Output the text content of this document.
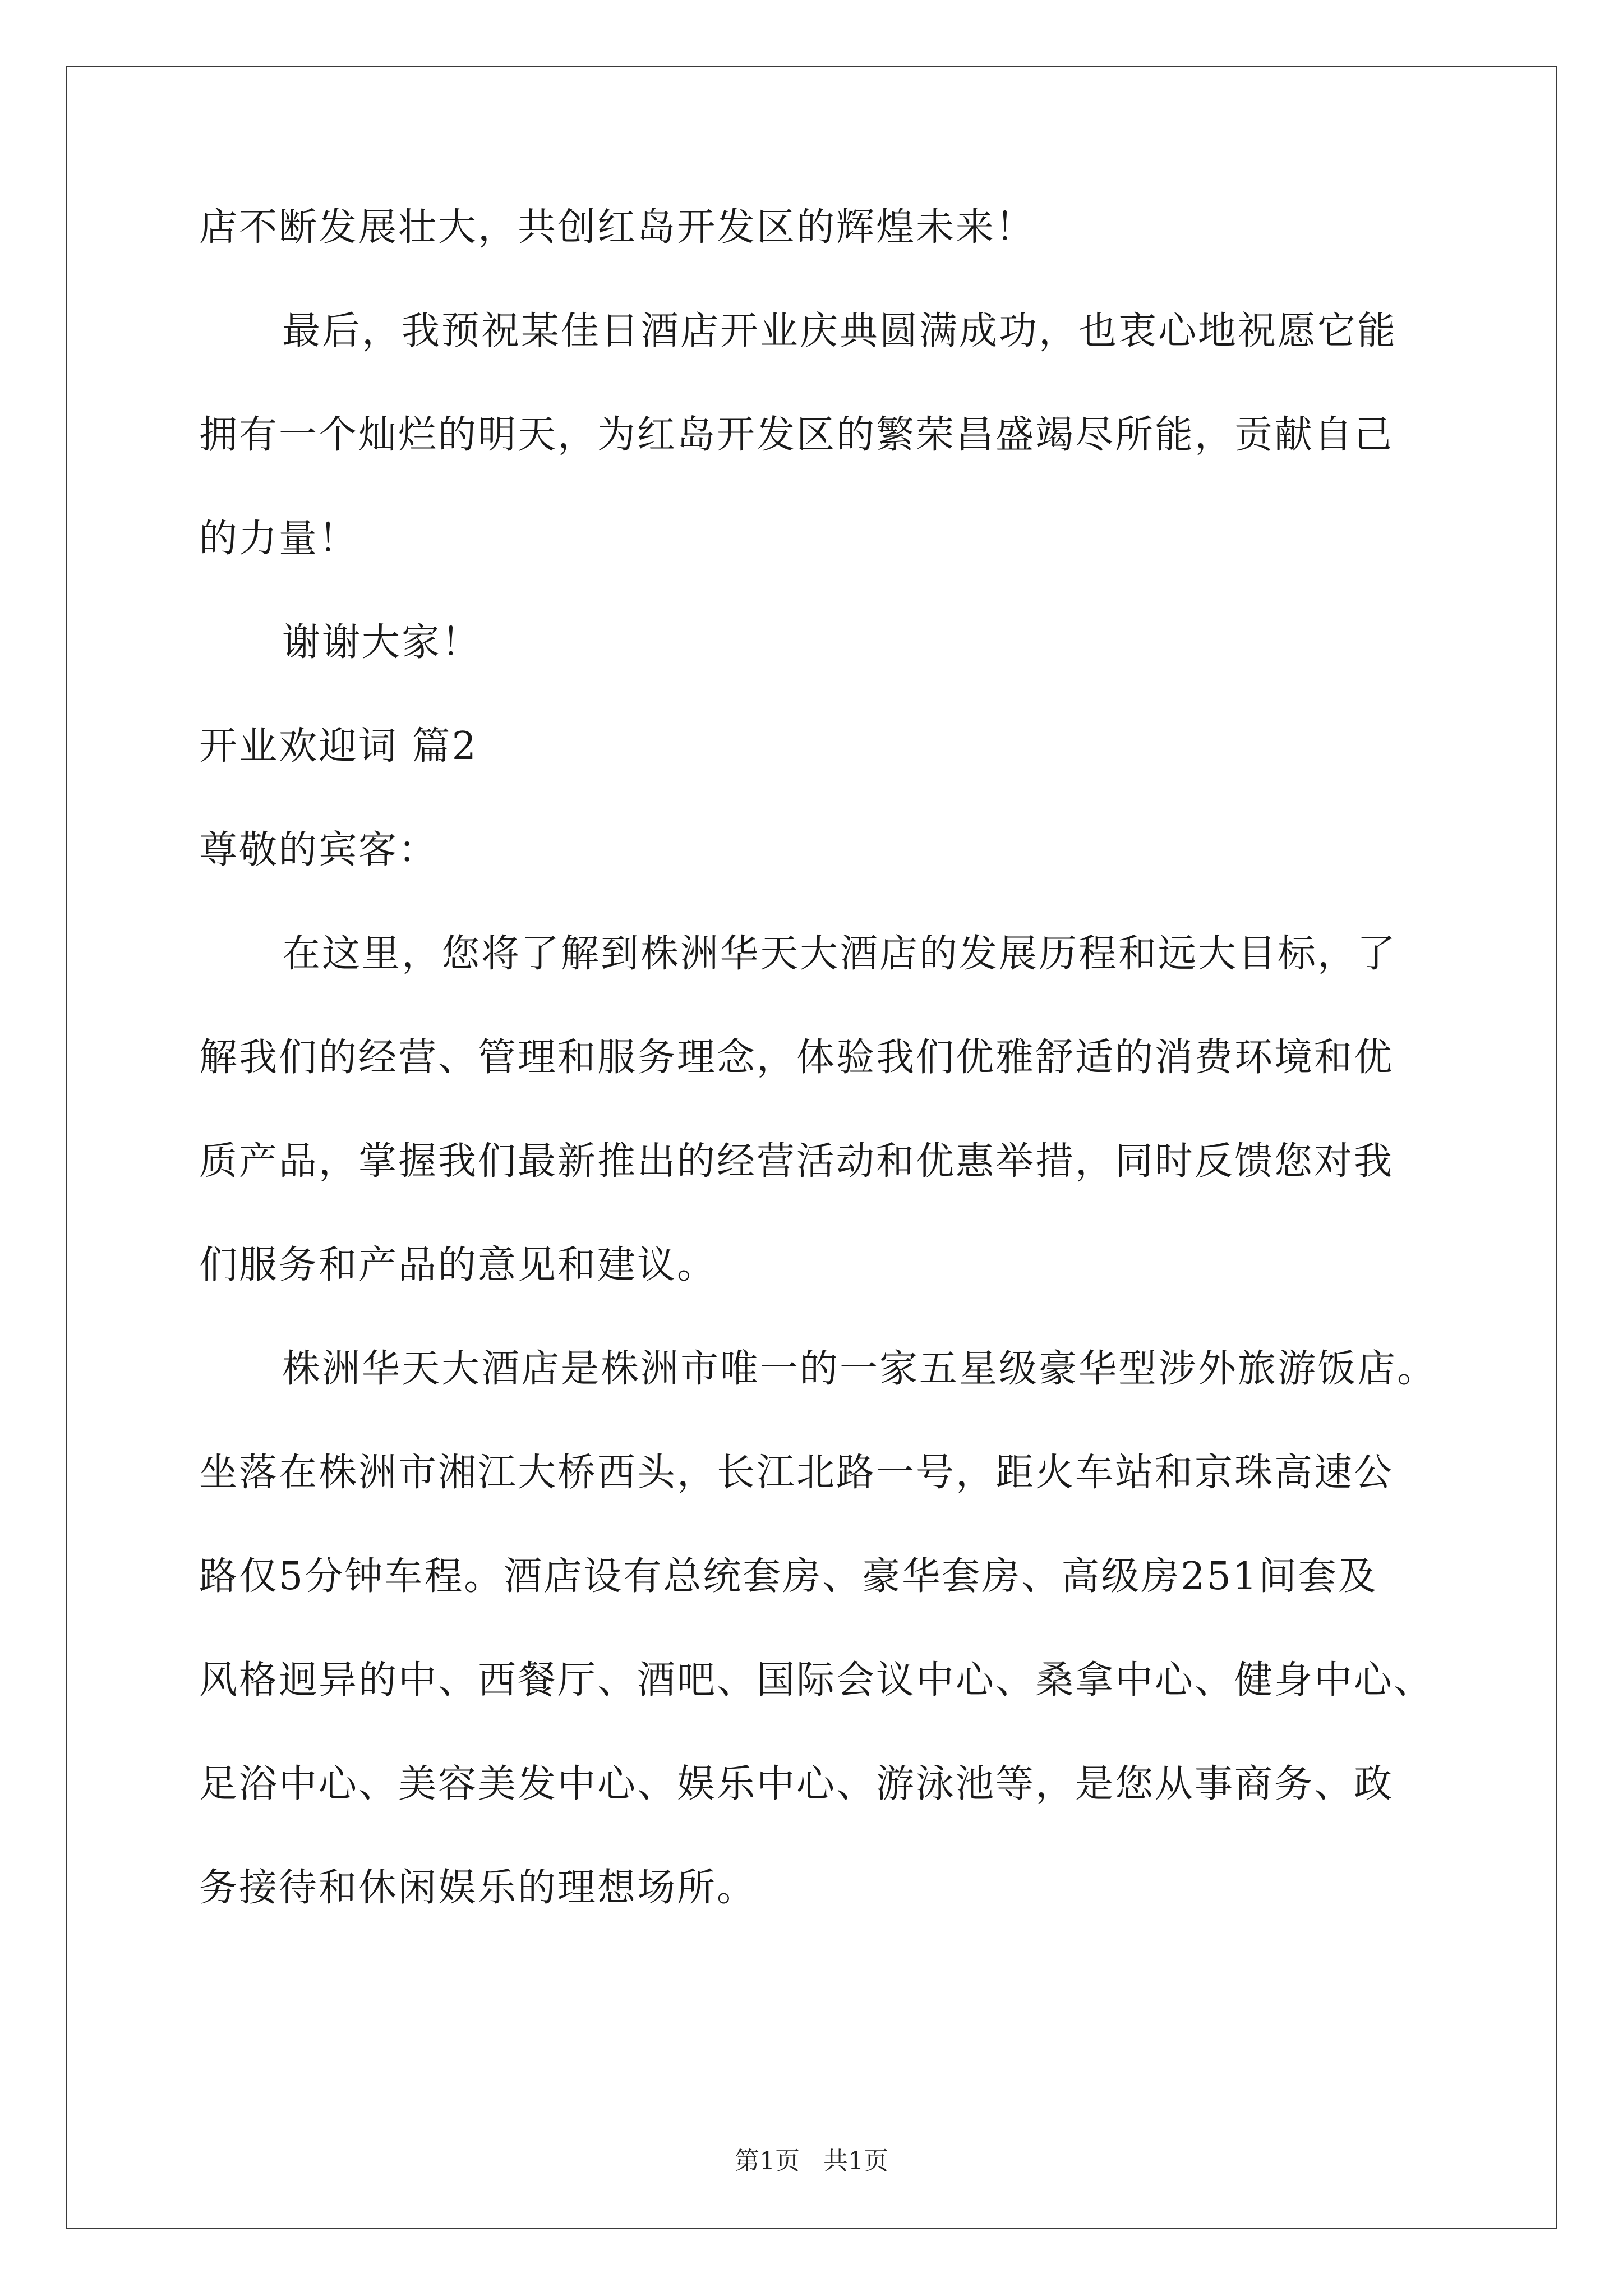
店不断发展壮大，共创红岛开发区的辉煌未来！
最后，我预祝某佳日酒店开业庆典圆满成功，也衷心地祝愿它能
拥有一个灿烂的明天，为红岛开发区的繁荣昌盛竭尽所能，贡献自己
的力量！
谢谢大家！
开业欢迎词 篇2
尊敬的宾客：
在这里，您将了解到株洲华天大酒店的发展历程和远大目标，了
解我们的经营、管理和服务理念，体验我们优雅舒适的消费环境和优
质产品，掌握我们最新推出的经营活动和优惠举措，同时反馈您对我
们服务和产品的意见和建议。
株洲华天大酒店是株洲市唯一的一家五星级豪华型涉外旅游饭店。
坐落在株洲市湘江大桥西头，长江北路一号，距火车站和京珠高速公
路仅5分钟车程。酒店设有总统套房、豪华套房、高级房251间套及
风格迥异的中、西餐厅、酒吧、国际会议中心、桑拿中心、健身中心、
足浴中心、美容美发中心、娱乐中心、游泳池等，是您从事商务、政
务接待和休闲娱乐的理想场所。
第1页   共1页
